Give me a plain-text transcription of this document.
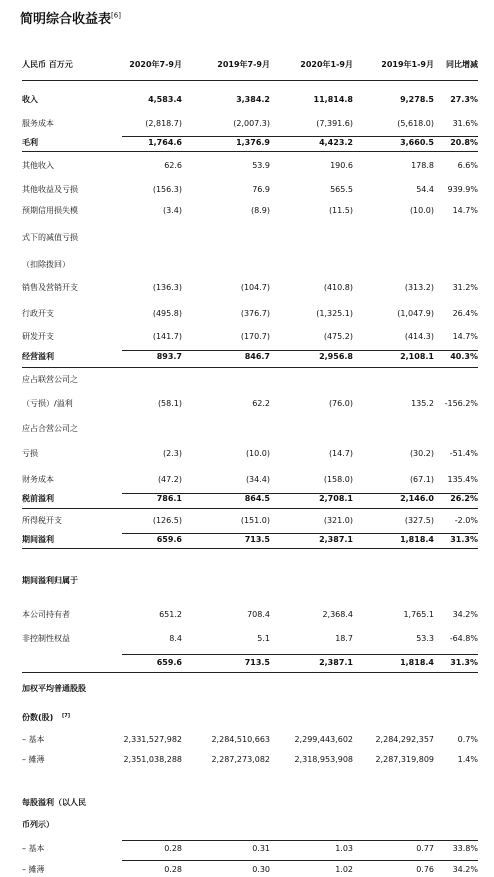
简明综合收益表[6]
人民币 百万元	2020年7-9月	2019年7-9月	2020年1-9月	2019年1-9月 同比增减
收入	4,583.4	3,384.2	11,814.8	9,278.5 27.3%
服务成本	(2,818.7)	(2,007.3)	(7,391.6)	(5,618.0) 31.6%
毛利	1,764.6	1,376.9	4,423.2	3,660.5 20.8%
其他收入	62.6	53.9	190.6	178.8	6.6%
其他收益及亏损	(156.3)	76.9	565.5	54.4 939.9%
预期信用损失模	(3.4)	(8.9)	(11.5)	(10.0) 14.7%
式下的减值亏损
（扣除拨回）
销售及营销开支	(136.3)	(104.7)	(410.8)	(313.2) 31.2%
行政开支	(495.8)	(376.7)	(1,325.1)	(1,047.9) 26.4%
研发开支	(141.7)	(170.7)	(475.2)	(414.3) 14.7%
经营溢利	893.7	846.7	2,956.8	2,108.1 40.3%
应占联营公司之
（亏损）/溢利	(58.1)	62.2	(76.0)	135.2 -156.2%
应占合营公司之
亏损	(2.3)	(10.0)	(14.7)	(30.2) -51.4%
财务成本	(47.2)	(34.4)	(158.0)	(67.1) 135.4%
税前溢利	786.1	864.5	2,708.1	2,146.0 26.2%
所得税开支	(126.5)	(151.0)	(321.0)	(327.5)	-2.0%
期间溢利	659.6	713.5	2,387.1	1,818.4 31.3%
期间溢利归属于
本公司持有者	651.2	708.4	2,368.4	1,765.1 34.2%
非控制性权益	8.4	5.1	18.7	53.3 -64.8%
659.6	713.5	2,387.1	1,818.4 31.3%
加权平均普通股股
份数(股) [7]
– 基本	2,331,527,982	2,284,510,663	2,299,443,602	2,284,292,357	0.7%
– 摊薄	2,351,038,288	2,287,273,082	2,318,953,908	2,287,319,809	1.4%
每股溢利（以人民
币列示）
– 基本	0.28	0.31	1.03	0.77 33.8%
– 摊薄	0.28	0.30	1.02	0.76 34.2%
